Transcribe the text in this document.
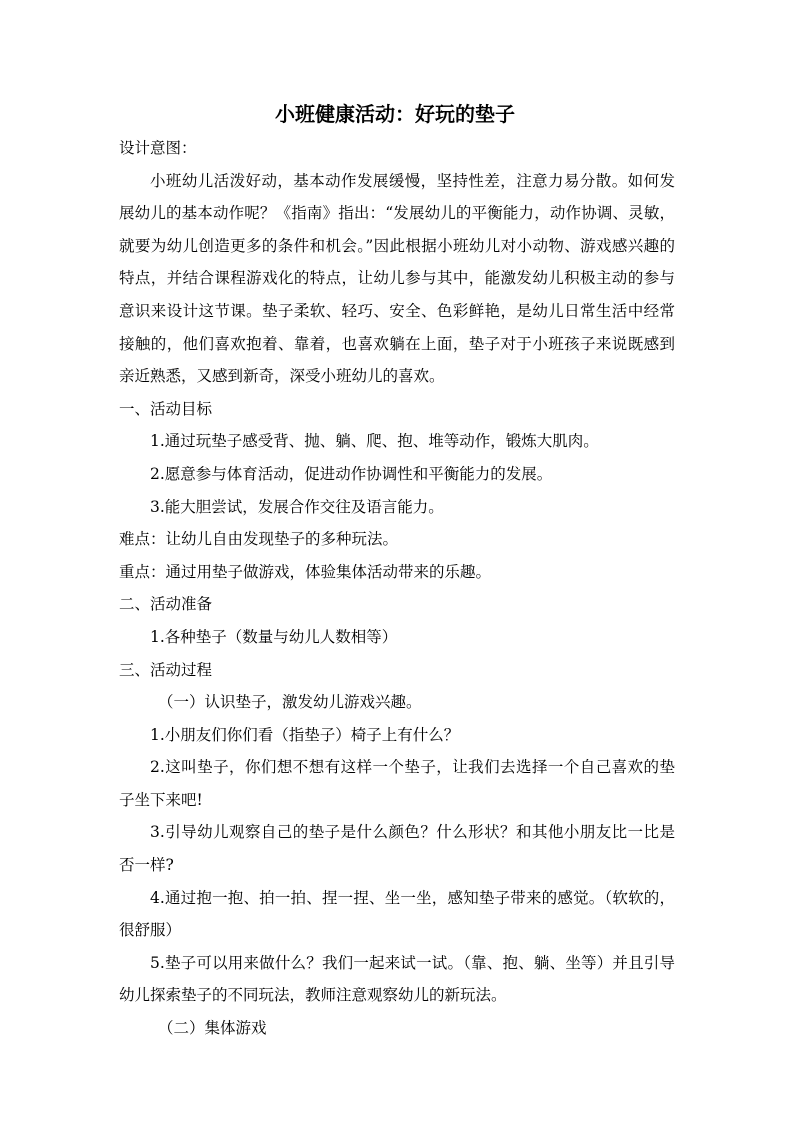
小班健康活动：好玩的垫子
设计意图：
小班幼儿活泼好动，基本动作发展缓慢，坚持性差，注意力易分散。如何发展幼儿的基本动作呢？《指南》指出：“发展幼儿的平衡能力，动作协调、灵敏，就要为幼儿创造更多的条件和机会。”因此根据小班幼儿对小动物、游戏感兴趣的特点，并结合课程游戏化的特点，让幼儿参与其中，能激发幼儿积极主动的参与意识来设计这节课。垫子柔软、轻巧、安全、色彩鲜艳，是幼儿日常生活中经常接触的，他们喜欢抱着、靠着，也喜欢躺在上面，垫子对于小班孩子来说既感到亲近熟悉，又感到新奇，深受小班幼儿的喜欢。
一、活动目标
1.通过玩垫子感受背、抛、躺、爬、抱、堆等动作，锻炼大肌肉。
2.愿意参与体育活动，促进动作协调性和平衡能力的发展。
3.能大胆尝试，发展合作交往及语言能力。
难点：让幼儿自由发现垫子的多种玩法。
重点：通过用垫子做游戏，体验集体活动带来的乐趣。
二、活动准备
1.各种垫子（数量与幼儿人数相等）
三、活动过程
（一）认识垫子，激发幼儿游戏兴趣。
1.小朋友们你们看（指垫子）椅子上有什么？
2.这叫垫子，你们想不想有这样一个垫子，让我们去选择一个自己喜欢的垫子坐下来吧!
3.引导幼儿观察自己的垫子是什么颜色？什么形状？和其他小朋友比一比是否一样?
4.通过抱一抱、拍一拍、捏一捏、坐一坐，感知垫子带来的感觉。（软软的，很舒服）
5.垫子可以用来做什么？我们一起来试一试。（靠、抱、躺、坐等）并且引导幼儿探索垫子的不同玩法，教师注意观察幼儿的新玩法。
（二）集体游戏
